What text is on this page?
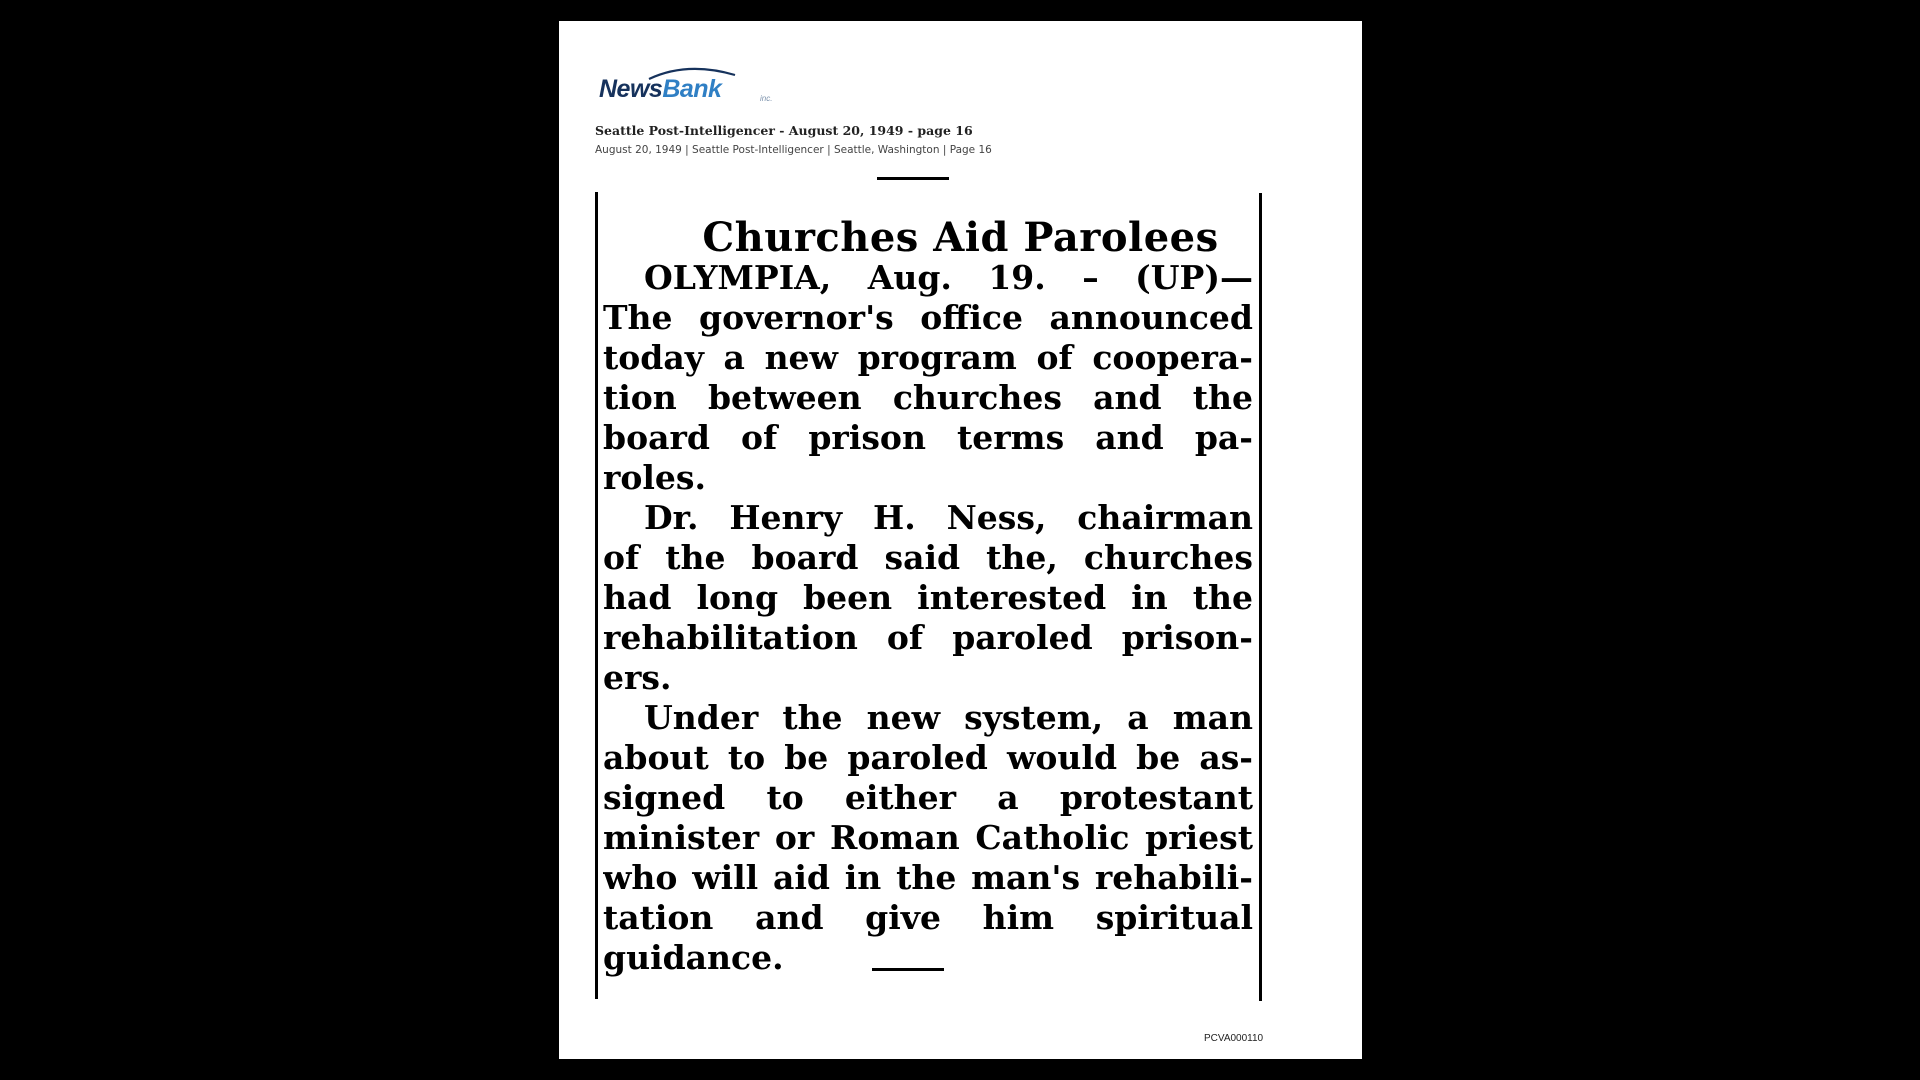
NewsBank	inc.
Seattle Post-Intelligencer - August 20, 1949 - page 16
August 20, 1949 | Seattle Post-Intelligencer | Seattle, Washington | Page 16
Churches Aid Parolees
OLYMPIA, Aug. 19. – (UP)—
The governor's office announced
today a new program of coopera-
tion between churches and the
board of prison terms and pa-
roles.
Dr. Henry H. Ness, chairman
of the board said the, churches
had long been interested in the
rehabilitation of paroled prison-
ers.
Under the new system, a man
about to be paroled would be as-
signed to either a protestant
minister or Roman Catholic priest
who will aid in the man's rehabili-
tation and give him spiritual
guidance.
PCVA000110
